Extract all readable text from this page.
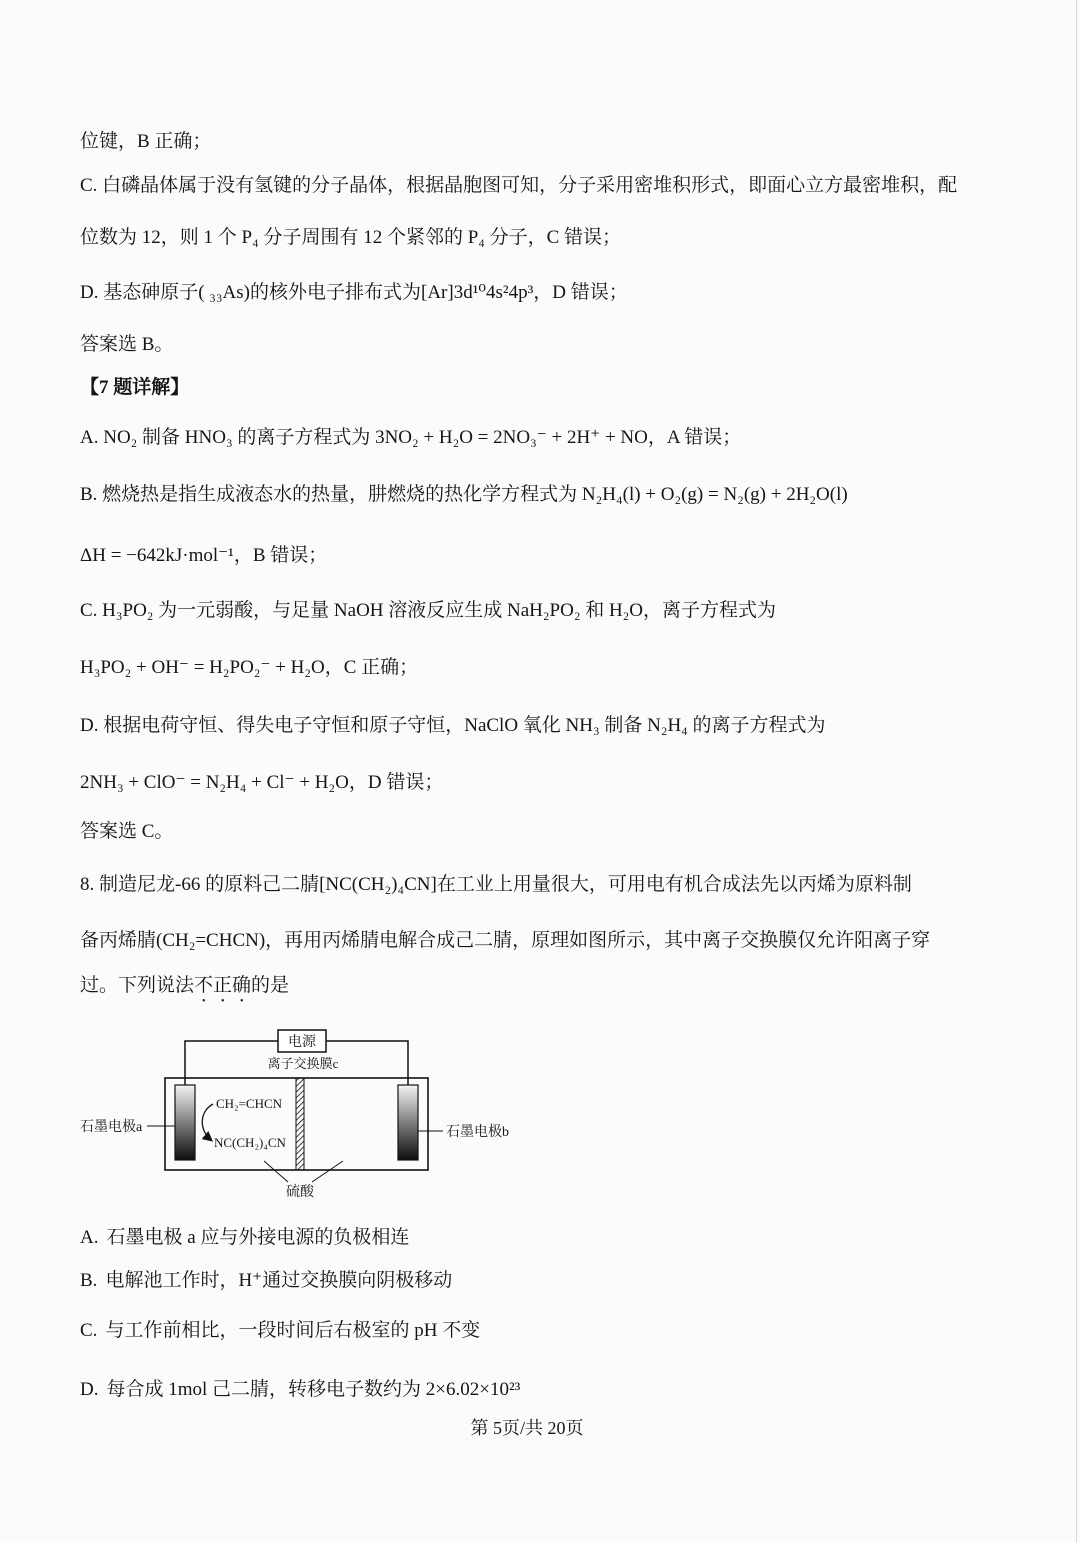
位键，B 正确；
C. 白磷晶体属于没有氢键的分子晶体，根据晶胞图可知，分子采用密堆积形式，即面心立方最密堆积，配
位数为 12，则 1 个 P₄ 分子周围有 12 个紧邻的 P₄ 分子，C 错误；
D. 基态砷原子( ₃₃As)的核外电子排布式为[Ar]3d¹⁰4s²4p³，D 错误；
答案选 B。
【7 题详解】
A. NO₂ 制备 HNO₃ 的离子方程式为 3NO₂ + H₂O = 2NO₃⁻ + 2H⁺ + NO，A 错误；
B. 燃烧热是指生成液态水的热量，肼燃烧的热化学方程式为 N₂H₄(l) + O₂(g) = N₂(g) + 2H₂O(l)
ΔH = −642kJ·mol⁻¹，B 错误；
C. H₃PO₂ 为一元弱酸，与足量 NaOH 溶液反应生成 NaH₂PO₂ 和 H₂O，离子方程式为
H₃PO₂ + OH⁻ = H₂PO₂⁻ + H₂O，C 正确；
D. 根据电荷守恒、得失电子守恒和原子守恒，NaClO 氧化 NH₃ 制备 N₂H₄ 的离子方程式为
2NH₃ + ClO⁻ = N₂H₄ + Cl⁻ + H₂O，D 错误；
答案选 C。
8. 制造尼龙-66 的原料己二腈[NC(CH₂)₄CN]在工业上用量很大，可用电有机合成法先以丙烯为原料制
备丙烯腈(CH₂=CHCN)，再用丙烯腈电解合成己二腈，原理如图所示，其中离子交换膜仅允许阳离子穿
过。下列说法不正确的是
电源
离子交换膜c
CH₂=CHCN
NC(CH₂)₄CN
石墨电极a	石墨电极b
硫酸
A. 石墨电极 a 应与外接电源的负极相连
B. 电解池工作时，H⁺通过交换膜向阴极移动
C. 与工作前相比，一段时间后右极室的 pH 不变
D. 每合成 1mol 己二腈，转移电子数约为 2×6.02×10²³
第 5页/共 20页
